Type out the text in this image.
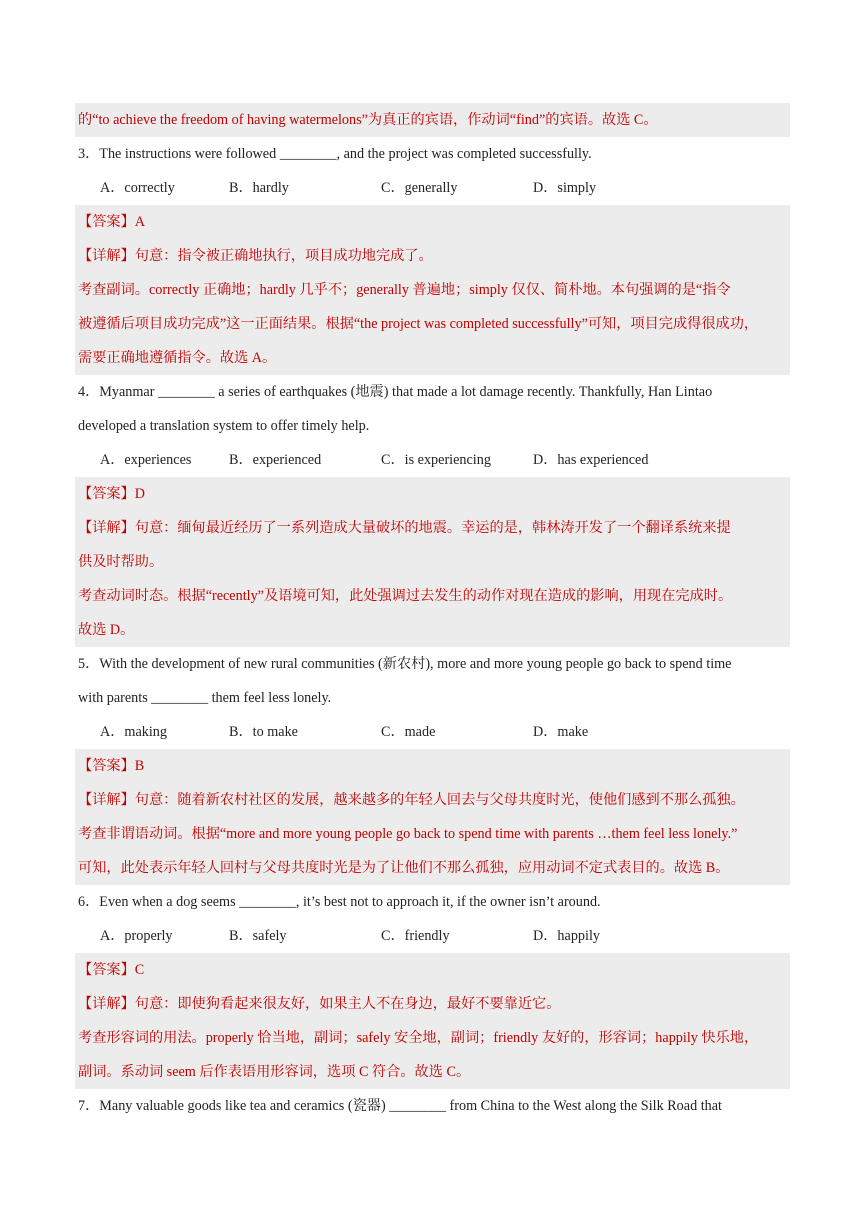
的“to achieve the freedom of having watermelons”为真正的宾语，作动词“find”的宾语。故选 C。
3．The instructions were followed ________, and the project was completed successfully.
A．correctly	B．hardly	C．generally	D．simply
【答案】A
【详解】句意：指令被正确地执行，项目成功地完成了。
考查副词。correctly 正确地；hardly 几乎不；generally 普遍地；simply 仅仅、简朴地。本句强调的是“指令
被遵循后项目成功完成”这一正面结果。根据“the project was completed successfully”可知，项目完成得很成功，
需要正确地遵循指令。故选 A。
4．Myanmar ________ a series of earthquakes (地震) that made a lot damage recently. Thankfully, Han Lintao
developed a translation system to offer timely help.
A．experiences	B．experienced	C．is experiencing	D．has experienced
【答案】D
【详解】句意：缅甸最近经历了一系列造成大量破坏的地震。幸运的是，韩林涛开发了一个翻译系统来提
供及时帮助。
考查动词时态。根据“recently”及语境可知，此处强调过去发生的动作对现在造成的影响，用现在完成时。
故选 D。
5．With the development of new rural communities (新农村), more and more young people go back to spend time
with parents ________ them feel less lonely.
A．making	B．to make	C．made	D．make
【答案】B
【详解】句意：随着新农村社区的发展，越来越多的年轻人回去与父母共度时光，使他们感到不那么孤独。
考查非谓语动词。根据“more and more young people go back to spend time with parents …them feel less lonely.”
可知，此处表示年轻人回村与父母共度时光是为了让他们不那么孤独，应用动词不定式表目的。故选 B。
6．Even when a dog seems ________, it’s best not to approach it, if the owner isn’t around.
A．properly	B．safely	C．friendly	D．happily
【答案】C
【详解】句意：即使狗看起来很友好，如果主人不在身边，最好不要靠近它。
考查形容词的用法。properly 恰当地，副词；safely 安全地，副词；friendly 友好的，形容词；happily 快乐地，
副词。系动词 seem 后作表语用形容词，选项 C 符合。故选 C。
7．Many valuable goods like tea and ceramics (瓷器) ________ from China to the West along the Silk Road that
